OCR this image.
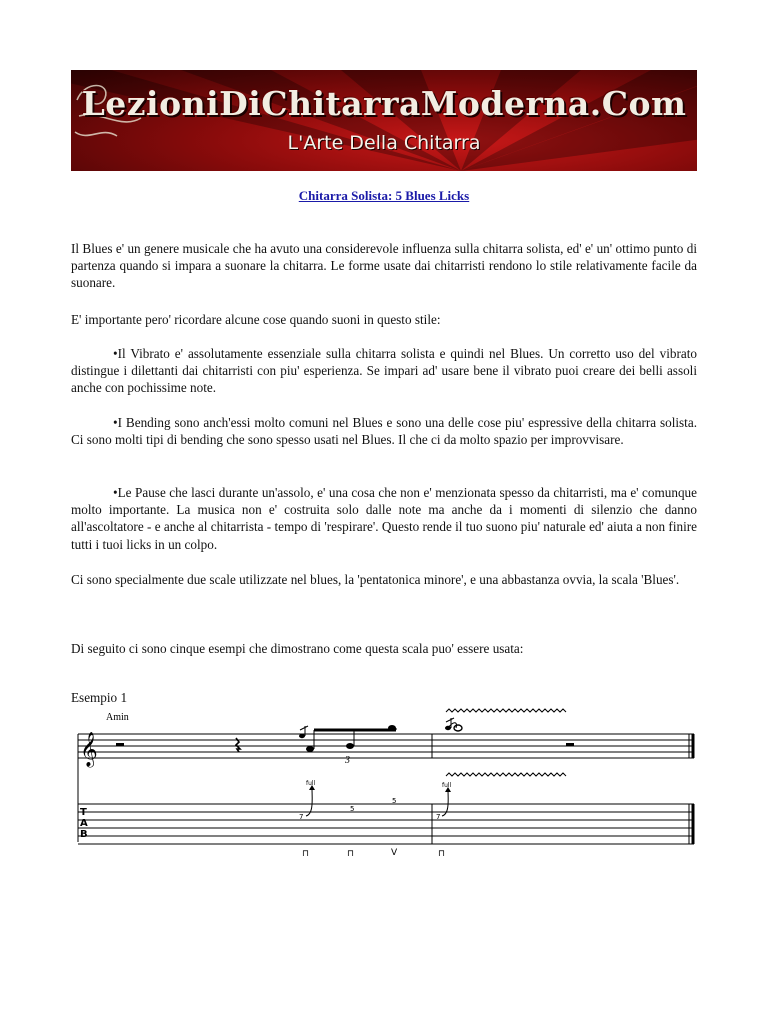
LezioniDiChitarraModerna.Com
L'Arte Della Chitarra
Chitarra Solista: 5 Blues Licks

Il Blues e' un genere musicale che ha avuto una considerevole influenza sulla chitarra solista, ed' e' un' ottimo punto di partenza quando si impara a suonare la chitarra. Le forme usate dai chitarristi rendono lo stile relativamente facile da suonare.

E' importante pero' ricordare alcune cose quando suoni in questo stile:

•Il Vibrato e' assolutamente essenziale sulla chitarra solista e quindi nel Blues. Un corretto uso del vibrato distingue i dilettanti dai chitarristi con piu' esperienza. Se impari ad' usare bene il vibrato puoi creare dei belli assoli anche con pochissime note.

•I Bending sono anch'essi molto comuni nel Blues e sono una delle cose piu' espressive della chitarra solista. Ci sono molti tipi di bending che sono spesso usati nel Blues. Il che ci da molto spazio per improvvisare.

•Le Pause che lasci durante un'assolo, e' una cosa che non e' menzionata spesso da chitarristi, ma e' comunque molto importante. La musica non e' costruita solo dalle note ma anche da i momenti di silenzio che danno all'ascoltatore - e anche al chitarrista - tempo di 'respirare'. Questo rende il tuo suono piu' naturale ed' aiuta a non finire tutti i tuoi licks in un colpo.

Ci sono specialmente due scale utilizzate nel blues, la 'pentatonica minore', e una abbastanza ovvia, la scala 'Blues'.

Di seguito ci sono cinque esempi che dimostrano come questa scala puo' essere usata:

Esempio 1
Amin
𝄞	3
T
A
B
full
7
5
5
full
7
⊓	⊓	V	⊓
